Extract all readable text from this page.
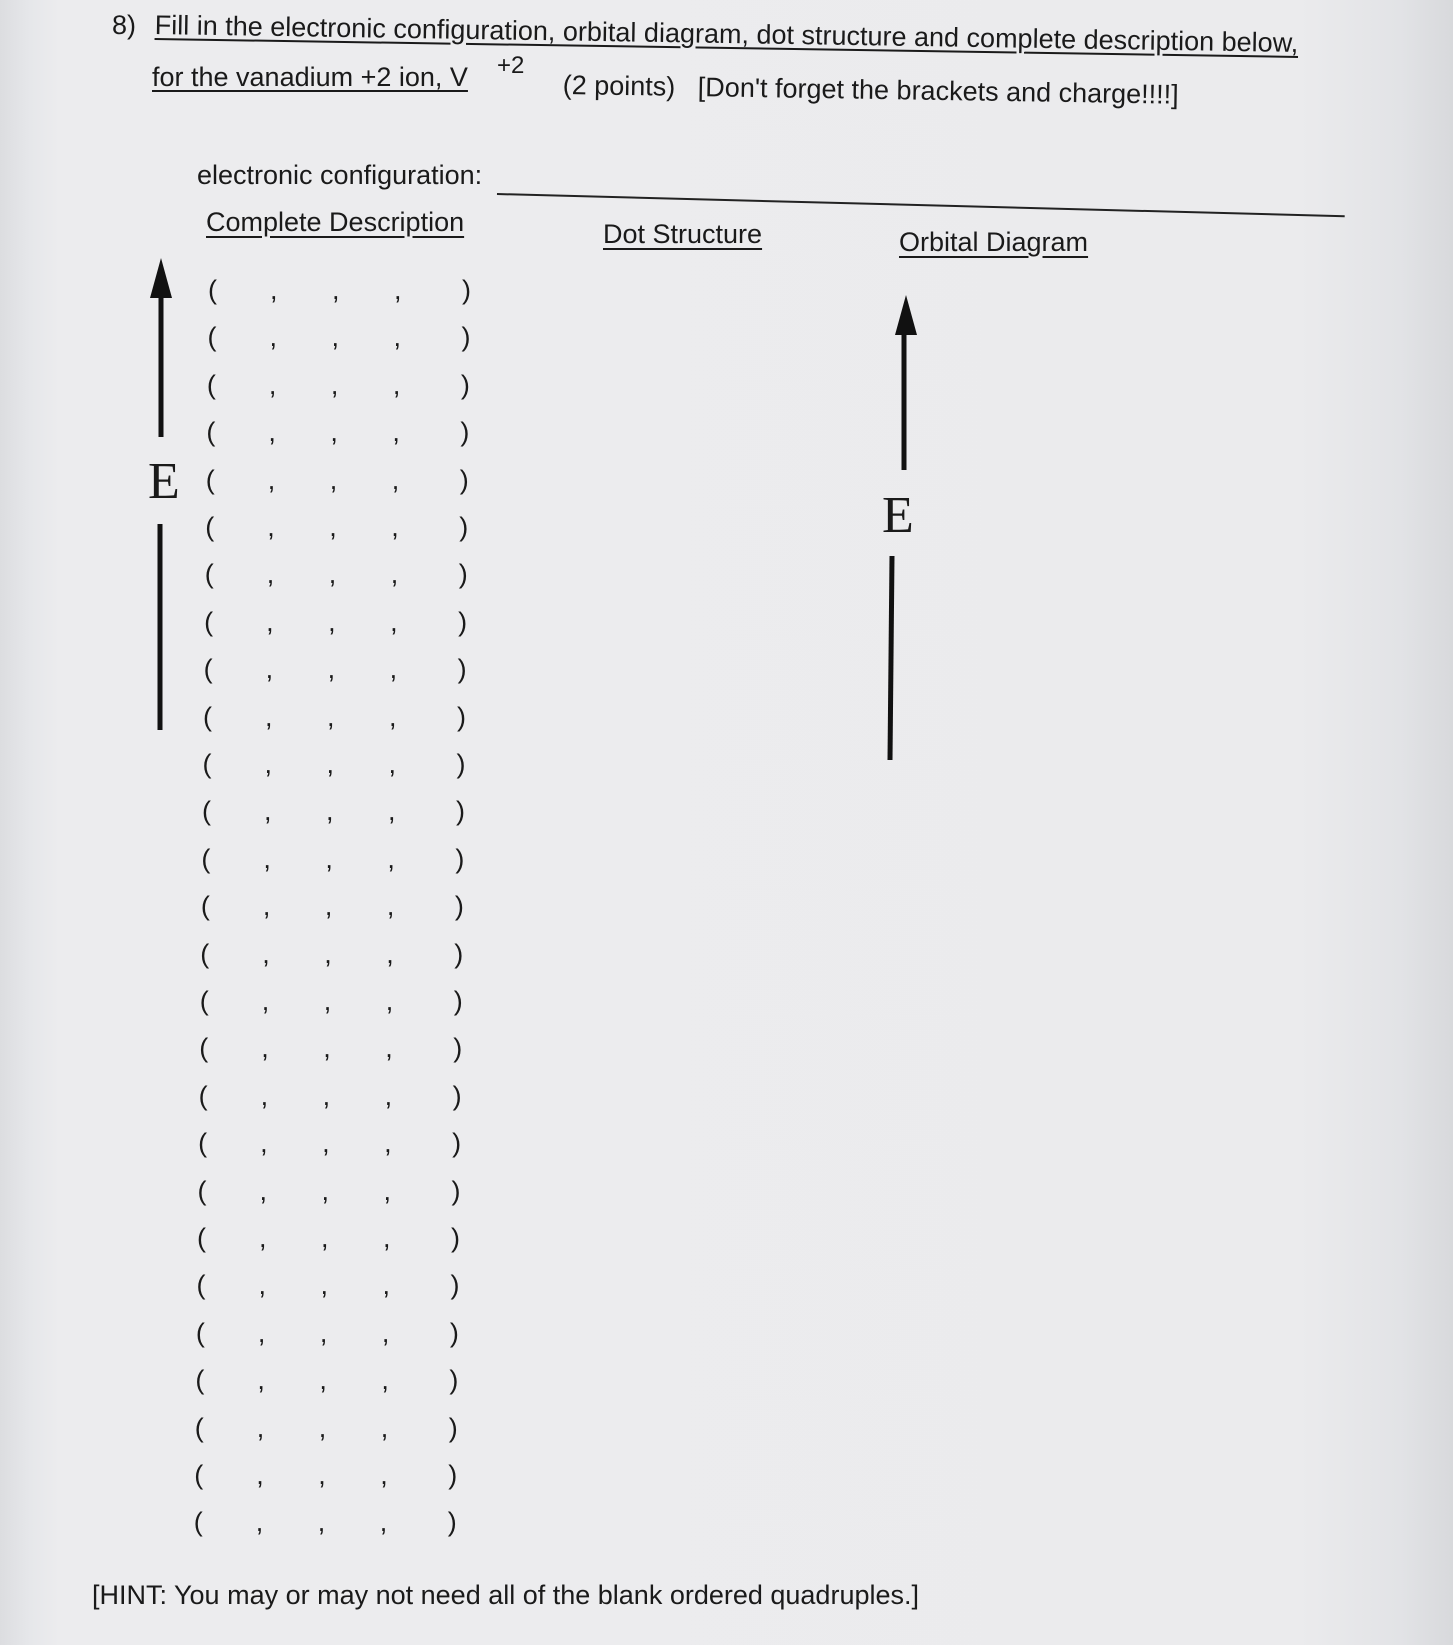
8) Fill in the electronic configuration, orbital diagram, dot structure and complete description below,
for the vanadium +2 ion, V +2
(2 points) [Don't forget the brackets and charge!!!!]
electronic configuration:
Complete Description	Dot Structure	Orbital Diagram
E
E
( , , , )
( , , , )
( , , , )
( , , , )
( , , , )
( , , , )
( , , , )
( , , , )
( , , , )
( , , , )
( , , , )
( , , , )
( , , , )
( , , , )
( , , , )
( , , , )
( , , , )
( , , , )
( , , , )
( , , , )
( , , , )
( , , , )
( , , , )
( , , , )
( , , , )
( , , , )
( , , , )
[HINT: You may or may not need all of the blank ordered quadruples.]
